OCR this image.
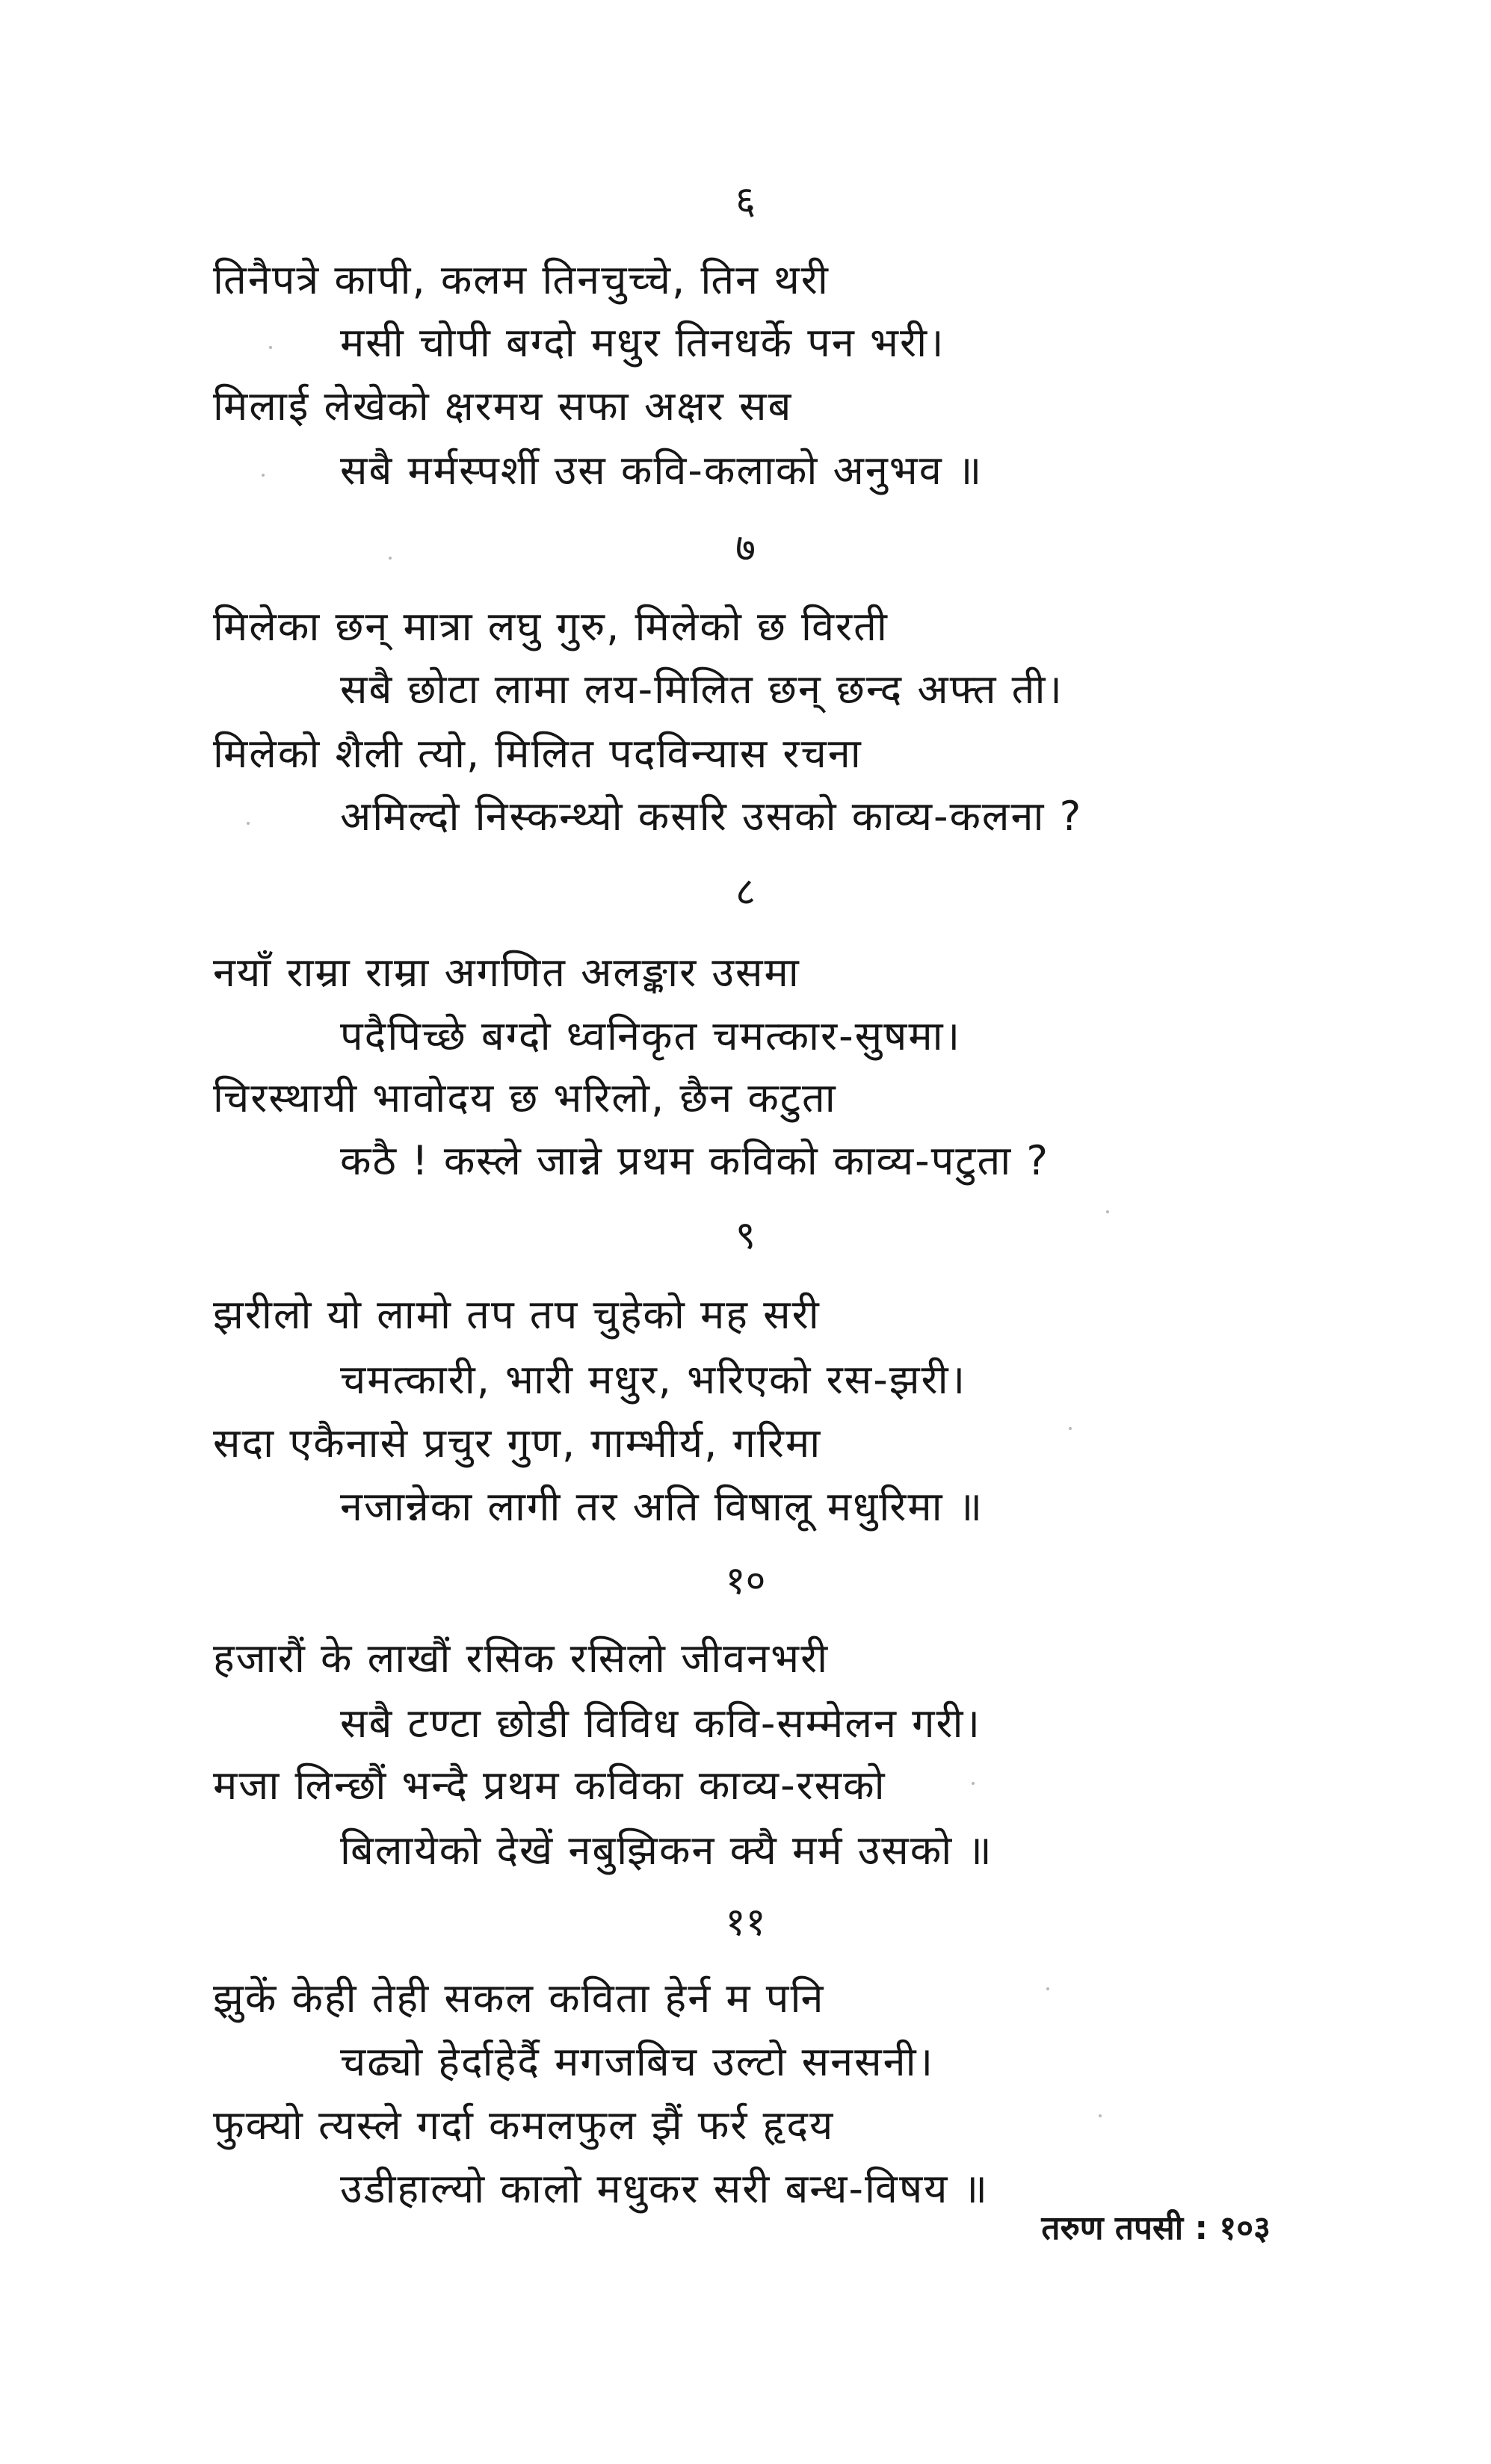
६
तिनैपत्रे कापी, कलम तिनचुच्चे, तिन थरी
मसी चोपी बग्दो मधुर तिनधर्के पन भरी।
मिलाई लेखेको क्षरमय सफा अक्षर सब
सबै मर्मस्पर्शी उस कवि-कलाको अनुभव ॥
७
मिलेका छन् मात्रा लघु गुरु, मिलेको छ विरती
सबै छोटा लामा लय-मिलित छन् छन्द अफ्त ती।
मिलेको शैली त्यो, मिलित पदविन्यास रचना
अमिल्दो निस्कन्थ्यो कसरि उसको काव्य-कलना ?
८
नयाँ राम्रा राम्रा अगणित अलङ्कार उसमा
पदैपिच्छे बग्दो ध्वनिकृत चमत्कार-सुषमा।
चिरस्थायी भावोदय छ भरिलो, छैन कटुता
कठै ! कस्ले जान्ने प्रथम कविको काव्य-पटुता ?
९
झरीलो यो लामो तप तप चुहेको मह सरी
चमत्कारी, भारी मधुर, भरिएको रस-झरी।
सदा एकैनासे प्रचुर गुण, गाम्भीर्य, गरिमा
नजान्नेका लागी तर अति विषालू मधुरिमा ॥
१०
हजारौं के लाखौं रसिक रसिलो जीवनभरी
सबै टण्टा छोडी विविध कवि-सम्मेलन गरी।
मजा लिन्छौं भन्दै प्रथम कविका काव्य-रसको
बिलायेको देखें नबुझिकन क्यै मर्म उसको ॥
११
झुकें केही तेही सकल कविता हेर्न म पनि
चढ्यो हेर्दाहेर्दै मगजबिच उल्टो सनसनी।
फुक्यो त्यस्ले गर्दा कमलफुल झैं फर्र हृदय
उडीहाल्यो कालो मधुकर सरी बन्ध-विषय ॥
तरुण तपसी : १०३
